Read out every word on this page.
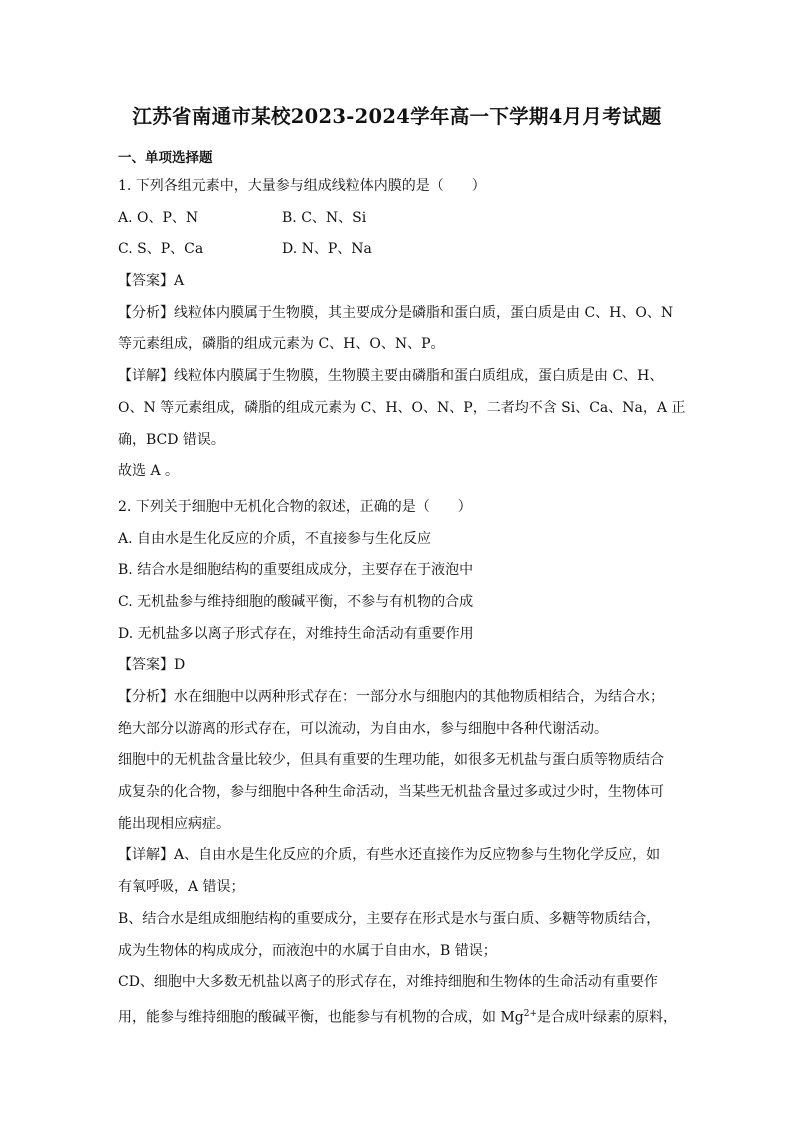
江苏省南通市某校2023-2024学年高一下学期4月月考试题
一、单项选择题
1. 下列各组元素中，大量参与组成线粒体内膜的是（　　）
A. O、P、N	B. C、N、Si
C. S、P、Ca	D. N、P、Na
【答案】A
【分析】线粒体内膜属于生物膜，其主要成分是磷脂和蛋白质，蛋白质是由 C、H、O、N
等元素组成，磷脂的组成元素为 C、H、O、N、P。
【详解】线粒体内膜属于生物膜，生物膜主要由磷脂和蛋白质组成，蛋白质是由 C、H、
O、N 等元素组成，磷脂的组成元素为 C、H、O、N、P，二者均不含 Si、Ca、Na，A 正
确，BCD 错误。
故选 A 。
2. 下列关于细胞中无机化合物的叙述，正确的是（　　）
A. 自由水是生化反应的介质，不直接参与生化反应
B. 结合水是细胞结构的重要组成成分，主要存在于液泡中
C. 无机盐参与维持细胞的酸碱平衡，不参与有机物的合成
D. 无机盐多以离子形式存在，对维持生命活动有重要作用
【答案】D
【分析】水在细胞中以两种形式存在：一部分水与细胞内的其他物质相结合，为结合水；
绝大部分以游离的形式存在，可以流动，为自由水，参与细胞中各种代谢活动。
细胞中的无机盐含量比较少，但具有重要的生理功能，如很多无机盐与蛋白质等物质结合
成复杂的化合物，参与细胞中各种生命活动，当某些无机盐含量过多或过少时，生物体可
能出现相应病症。
【详解】A、自由水是生化反应的介质，有些水还直接作为反应物参与生物化学反应，如
有氧呼吸，A 错误；
B、结合水是组成细胞结构的重要成分，主要存在形式是水与蛋白质、多糖等物质结合，
成为生物体的构成成分，而液泡中的水属于自由水，B 错误；
CD、细胞中大多数无机盐以离子的形式存在，对维持细胞和生物体的生命活动有重要作
用，能参与维持细胞的酸碱平衡，也能参与有机物的合成，如 $Mg^{2+}$是合成叶绿素的原料，
